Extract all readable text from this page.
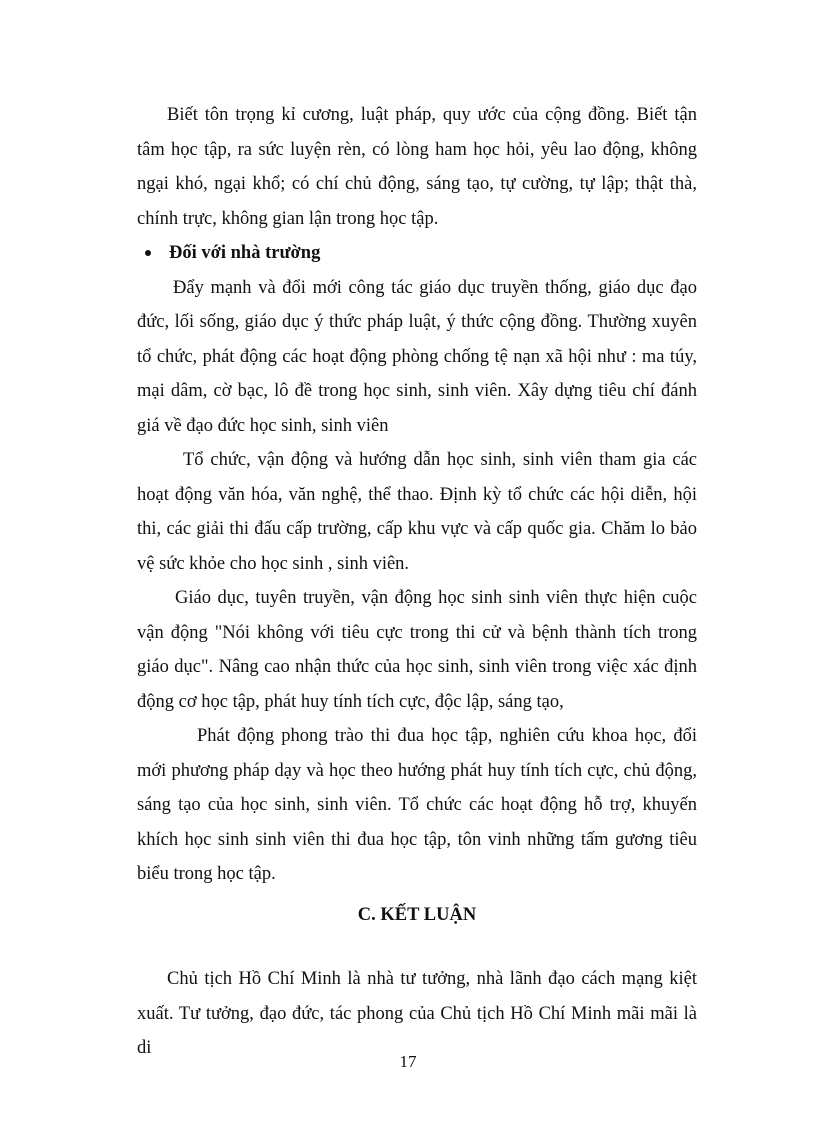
Biết tôn trọng kỉ cương, luật pháp, quy ước của cộng đồng. Biết tận tâm học tập, ra sức luyện rèn, có lòng ham học hỏi, yêu lao động, không ngại khó, ngại khổ; có chí chủ động, sáng tạo, tự cường, tự lập; thật thà, chính trực, không gian lận trong học tập.

Đối với nhà trường

Đẩy mạnh và đổi mới công tác giáo dục truyền thống, giáo dục đạo đức, lối sống, giáo dục ý thức pháp luật, ý thức cộng đồng. Thường xuyên tổ chức, phát động các hoạt động phòng chống tệ nạn xã hội như : ma túy, mại dâm, cờ bạc, lô đề trong học sinh, sinh viên. Xây dựng tiêu chí đánh giá về đạo đức học sinh, sinh viên

Tổ chức, vận động và hướng dẫn học sinh, sinh viên tham gia các hoạt động văn hóa, văn nghệ, thể thao. Định kỳ tổ chức các hội diễn, hội thi, các giải thi đấu cấp trường, cấp khu vực và cấp quốc gia. Chăm lo bảo vệ sức khỏe cho học sinh , sinh viên.

Giáo dục, tuyên truyền, vận động học sinh sinh viên thực hiện cuộc vận động "Nói không với tiêu cực trong thi cử và bệnh thành tích trong giáo dục". Nâng cao nhận thức của học sinh, sinh viên trong việc xác định động cơ học tập, phát huy tính tích cực, độc lập, sáng tạo,

Phát động phong trào thi đua học tập, nghiên cứu khoa học, đổi mới phương pháp dạy và học theo hướng phát huy tính tích cực, chủ động, sáng tạo của học sinh, sinh viên. Tổ chức các hoạt động hỗ trợ, khuyến khích học sinh sinh viên thi đua học tập, tôn vinh những tấm gương tiêu biểu trong học tập.

C. KẾT LUẬN

Chủ tịch Hồ Chí Minh là nhà tư tưởng, nhà lãnh đạo cách mạng kiệt xuất. Tư tưởng, đạo đức, tác phong của Chủ tịch Hồ Chí Minh mãi mãi là di

17
